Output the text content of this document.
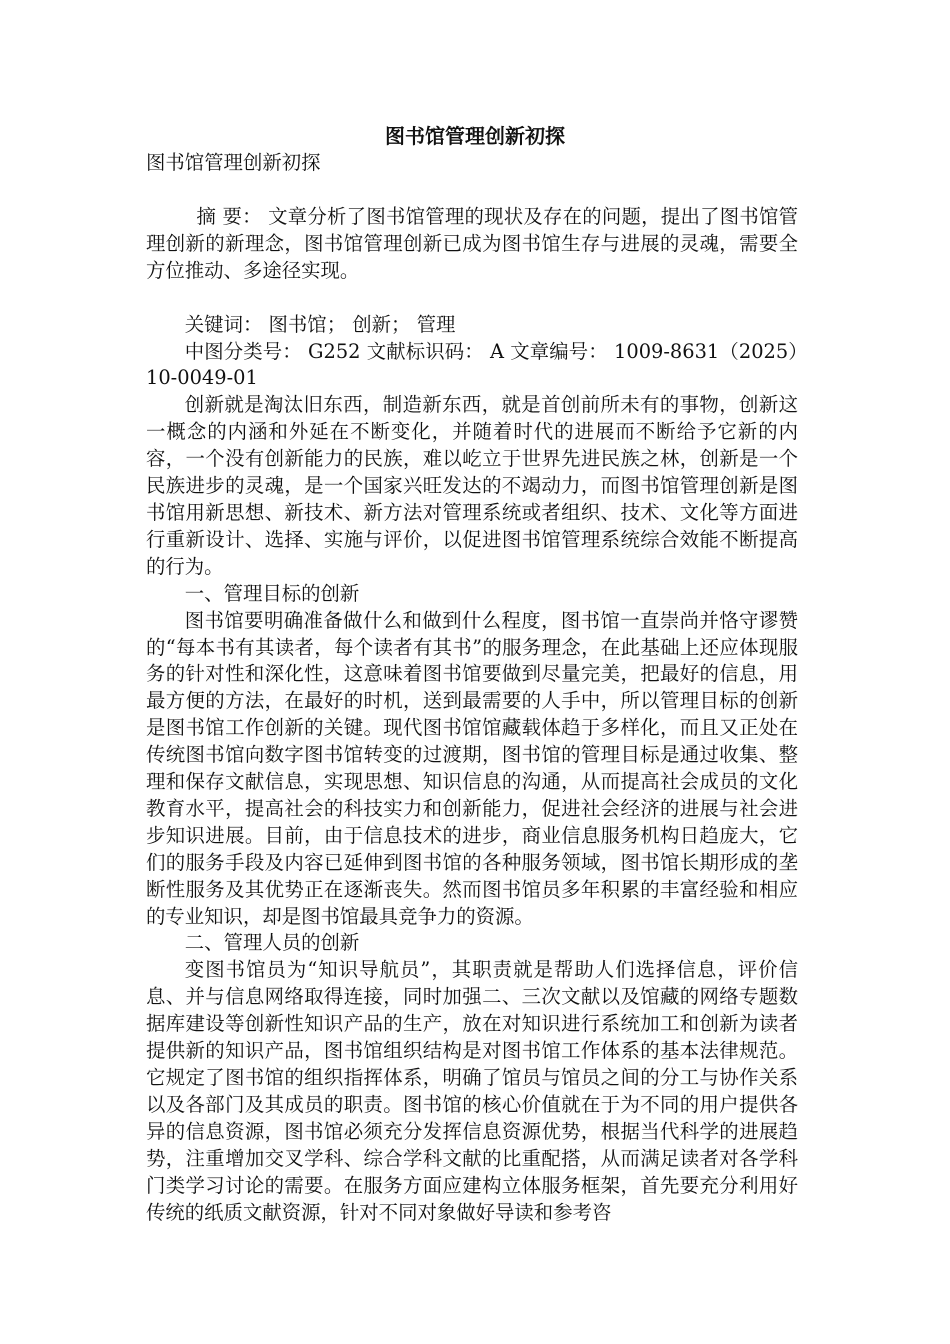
图书馆管理创新初探

图书馆管理创新初探

摘 要： 文章分析了图书馆管理的现状及存在的问题，提出了图书馆管理创新的新理念，图书馆管理创新已成为图书馆生存与进展的灵魂，需要全方位推动、多途径实现。

关键词： 图书馆； 创新； 管理

中图分类号： G252 文献标识码： A 文章编号： 1009-8631（2025）10-0049-01

创新就是淘汰旧东西，制造新东西，就是首创前所未有的事物，创新这一概念的内涵和外延在不断变化，并随着时代的进展而不断给予它新的内容，一个没有创新能力的民族，难以屹立于世界先进民族之林，创新是一个民族进步的灵魂，是一个国家兴旺发达的不竭动力，而图书馆管理创新是图书馆用新思想、新技术、新方法对管理系统或者组织、技术、文化等方面进行重新设计、选择、实施与评价，以促进图书馆管理系统综合效能不断提高的行为。

一、管理目标的创新

图书馆要明确准备做什么和做到什么程度，图书馆一直崇尚并恪守谬赞的“每本书有其读者，每个读者有其书”的服务理念，在此基础上还应体现服务的针对性和深化性，这意味着图书馆要做到尽量完美，把最好的信息，用最方便的方法，在最好的时机，送到最需要的人手中，所以管理目标的创新是图书馆工作创新的关键。现代图书馆馆藏载体趋于多样化，而且又正处在传统图书馆向数字图书馆转变的过渡期，图书馆的管理目标是通过收集、整理和保存文献信息，实现思想、知识信息的沟通，从而提高社会成员的文化教育水平，提高社会的科技实力和创新能力，促进社会经济的进展与社会进步知识进展。目前，由于信息技术的进步，商业信息服务机构日趋庞大，它们的服务手段及内容已延伸到图书馆的各种服务领域，图书馆长期形成的垄断性服务及其优势正在逐渐丧失。然而图书馆员多年积累的丰富经验和相应的专业知识，却是图书馆最具竞争力的资源。

二、管理人员的创新

变图书馆员为“知识导航员”，其职责就是帮助人们选择信息，评价信息、并与信息网络取得连接，同时加强二、三次文献以及馆藏的网络专题数据库建设等创新性知识产品的生产，放在对知识进行系统加工和创新为读者提供新的知识产品，图书馆组织结构是对图书馆工作体系的基本法律规范。它规定了图书馆的组织指挥体系，明确了馆员与馆员之间的分工与协作关系以及各部门及其成员的职责。图书馆的核心价值就在于为不同的用户提供各异的信息资源，图书馆必须充分发挥信息资源优势，根据当代科学的进展趋势，注重增加交叉学科、综合学科文献的比重配搭，从而满足读者对各学科门类学习讨论的需要。在服务方面应建构立体服务框架，首先要充分利用好传统的纸质文献资源，针对不同对象做好导读和参考咨
